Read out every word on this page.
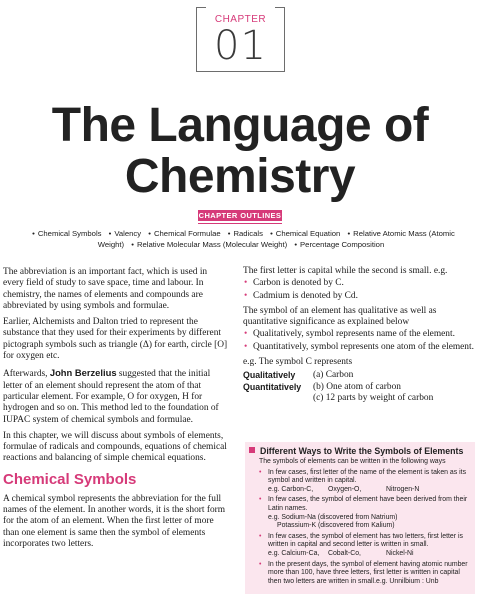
CHAPTER
01
The Language of
Chemistry
CHAPTER OUTLINES
• Chemical Symbols • Valency • Chemical Formulae • Radicals • Chemical Equation • Relative Atomic Mass (Atomic Weight) • Relative Molecular Mass (Molecular Weight) • Percentage Composition

The abbreviation is an important fact, which is used in every field of study to save space, time and labour. In chemistry, the names of elements and compounds are abbreviated by using symbols and formulae.

Earlier, Alchemists and Dalton tried to represent the substance that they used for their experiments by different pictograph symbols such as triangle (Δ) for earth, circle [O] for oxygen etc.

Afterwards, John Berzelius suggested that the initial letter of an element should represent the atom of that particular element. For example, O for oxygen, H for hydrogen and so on. This method led to the foundation of IUPAC system of chemical symbols and formulae.

In this chapter, we will discuss about symbols of elements, formulae of radicals and compounds, equations of chemical reactions and balancing of simple chemical equations.

Chemical Symbols

A chemical symbol represents the abbreviation for the full names of the element. In another words, it is the short form for the atom of an element. When the first letter of more than one element is same then the symbol of elements incorporates two letters.

The first letter is capital while the second is small. e.g.

• Carbon is denoted by C.
• Cadmium is denoted by Cd.

The symbol of an element has qualitative as well as quantitative significance as explained below

• Qualitatively, symbol represents name of the element.
• Quantitatively, symbol represents one atom of the element.

e.g. The symbol C represents

Qualitatively	(a) Carbon
Quantitatively	(b) One atom of carbon
(c) 12 parts by weight of carbon
Different Ways to Write the Symbols of Elements
The symbols of elements can be written in the following ways
• In few cases, first letter of the name of the element is taken as its symbol and written in capital.
e.g. Carbon-C, Oxygen-O,	Nitrogen-N
• In few cases, the symbol of element have been derived from their Latin names.
e.g. Sodium-Na (discovered from Natrium)
Potassium-K (discovered from Kalium)
• In few cases, the symbol of element has two letters, first letter is written in capital and second letter is written in small.
e.g. Calcium-Ca, Cobalt-Co,	Nickel-Ni
• In the present days, the symbol of element having atomic number more than 100, have three letters, first letter is written in capital then two letters are written in small.e.g. Unnilbium : Unb
